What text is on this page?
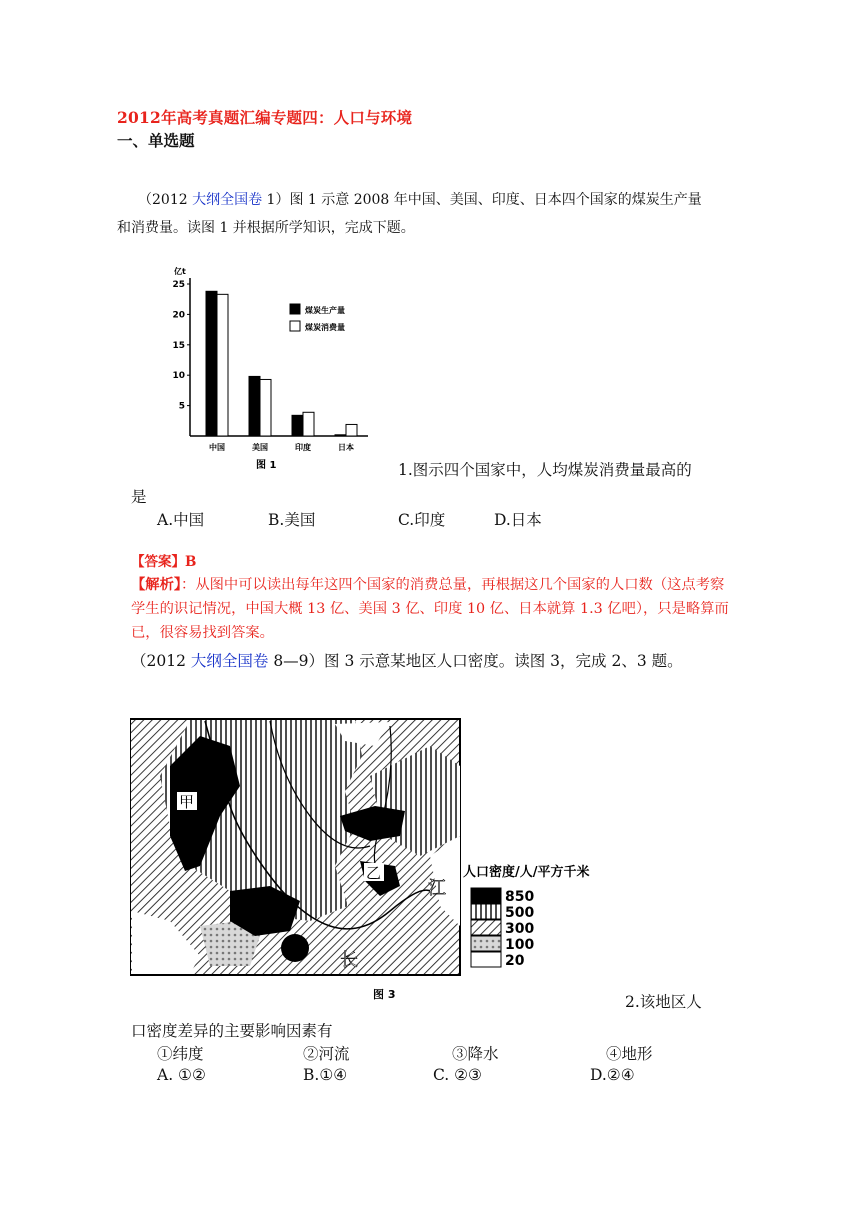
2012年高考真题汇编专题四：人口与环境
一、单选题
（2012 大纲全国卷 1）图 1 示意 2008 年中国、美国、印度、日本四个国家的煤炭生产量
和消费量。读图 1 并根据所学知识，完成下题。
亿t
5
10
15
20
25
中国	美国	印度	日本
图 1
煤炭生产量
煤炭消费量
1.图示四个国家中，人均煤炭消费量最高的
是
A.中国	B.美国	C.印度	D.日本
【答案】B
【解析】：从图中可以读出每年这四个国家的消费总量，再根据这几个国家的人口数（这点考察学生的识记情况，中国大概 13 亿、美国 3 亿、印度 10 亿、日本就算 1.3 亿吧），只是略算而已，很容易找到答案。
（2012 大纲全国卷 8—9）图 3 示意某地区人口密度。读图 3，完成 2、3 题。
甲
乙
江
长
人口密度/人/平方千米
850
500
300
100
20
图 3	2.该地区人
口密度差异的主要影响因素有
①纬度	②河流	③降水	④地形
A. ①②	B.①④	C. ②③	D.②④
